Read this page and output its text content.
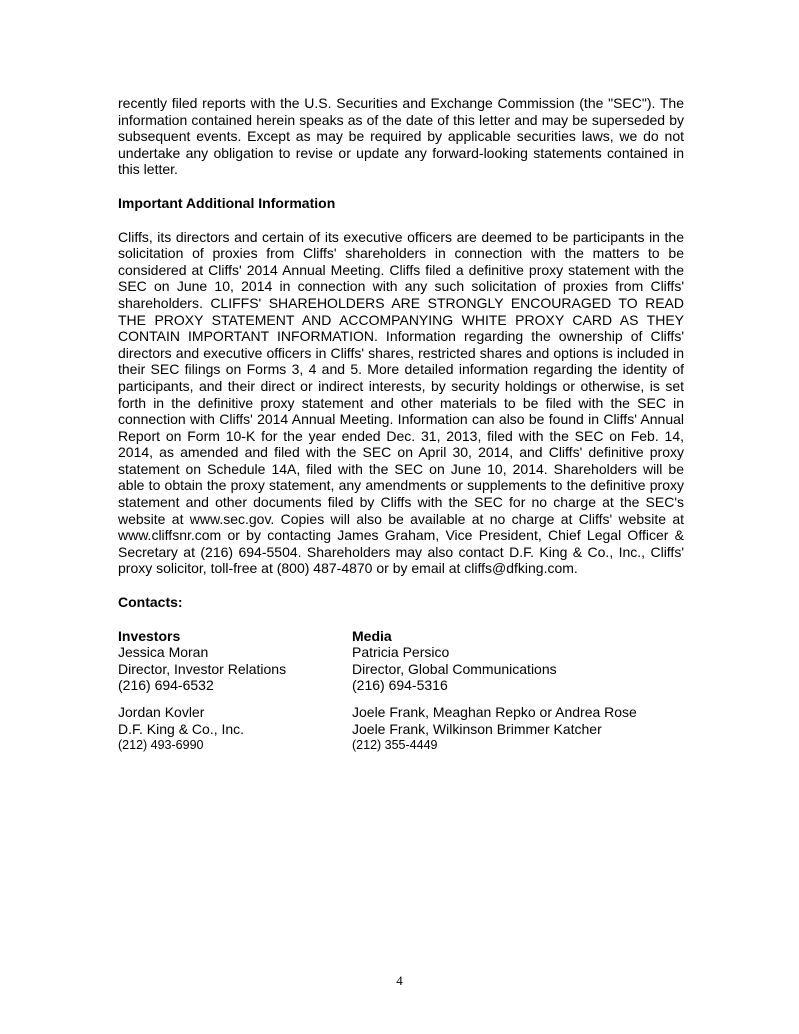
recently filed reports with the U.S. Securities and Exchange Commission (the "SEC"). The information contained herein speaks as of the date of this letter and may be superseded by subsequent events. Except as may be required by applicable securities laws, we do not undertake any obligation to revise or update any forward-looking statements contained in this letter.

Important Additional Information

Cliffs, its directors and certain of its executive officers are deemed to be participants in the solicitation of proxies from Cliffs' shareholders in connection with the matters to be considered at Cliffs' 2014 Annual Meeting. Cliffs filed a definitive proxy statement with the SEC on June 10, 2014 in connection with any such solicitation of proxies from Cliffs' shareholders. CLIFFS' SHAREHOLDERS ARE STRONGLY ENCOURAGED TO READ THE PROXY STATEMENT AND ACCOMPANYING WHITE PROXY CARD AS THEY CONTAIN IMPORTANT INFORMATION. Information regarding the ownership of Cliffs' directors and executive officers in Cliffs' shares, restricted shares and options is included in their SEC filings on Forms 3, 4 and 5. More detailed information regarding the identity of participants, and their direct or indirect interests, by security holdings or otherwise, is set forth in the definitive proxy statement and other materials to be filed with the SEC in connection with Cliffs' 2014 Annual Meeting. Information can also be found in Cliffs' Annual Report on Form 10-K for the year ended Dec. 31, 2013, filed with the SEC on Feb. 14, 2014, as amended and filed with the SEC on April 30, 2014, and Cliffs' definitive proxy statement on Schedule 14A, filed with the SEC on June 10, 2014. Shareholders will be able to obtain the proxy statement, any amendments or supplements to the definitive proxy statement and other documents filed by Cliffs with the SEC for no charge at the SEC's website at www.sec.gov. Copies will also be available at no charge at Cliffs' website at www.cliffsnr.com or by contacting James Graham, Vice President, Chief Legal Officer & Secretary at (216) 694-5504. Shareholders may also contact D.F. King & Co., Inc., Cliffs' proxy solicitor, toll-free at (800) 487-4870 or by email at cliffs@dfking.com.

Contacts:
Investors
Jessica Moran
Director, Investor Relations
(216) 694-6532
Jordan Kovler
D.F. King & Co., Inc.
(212) 493-6990
Media
Patricia Persico
Director, Global Communications
(216) 694-5316
Joele Frank, Meaghan Repko or Andrea Rose
Joele Frank, Wilkinson Brimmer Katcher
(212) 355-4449
4
